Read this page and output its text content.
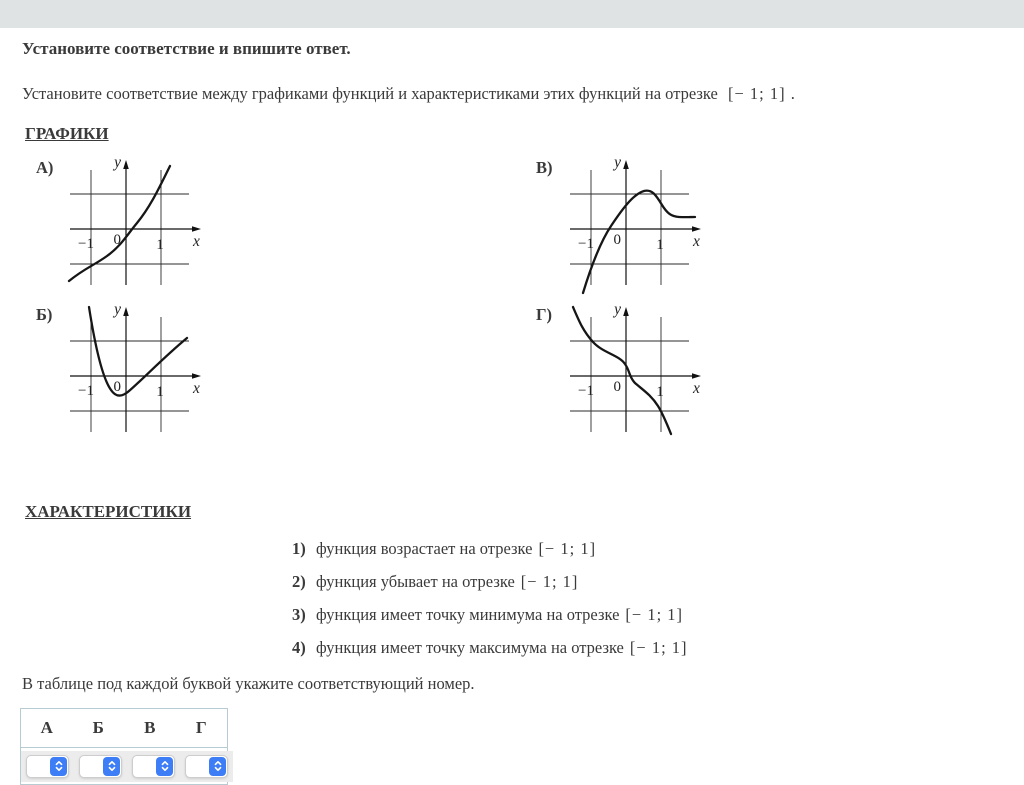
Установите соответствие и впишите ответ.
Установите соответствие между графиками функций и характеристиками этих функций на отрезке [− 1; 1] .
ГРАФИКИ
А)	y
x
0
−1	1
В)	y
x
0
−1	1
Б)	y
x
0
−1	1
Г)	y
x
0
−1	1
ХАРАКТЕРИСТИКИ
1) функция возрастает на отрезке [− 1; 1]
2) функция убывает на отрезке [− 1; 1]
3) функция имеет точку минимума на отрезке [− 1; 1]
4) функция имеет точку максимума на отрезке [− 1; 1]
В таблице под каждой буквой укажите соответствующий номер.
А	Б	В	Г
